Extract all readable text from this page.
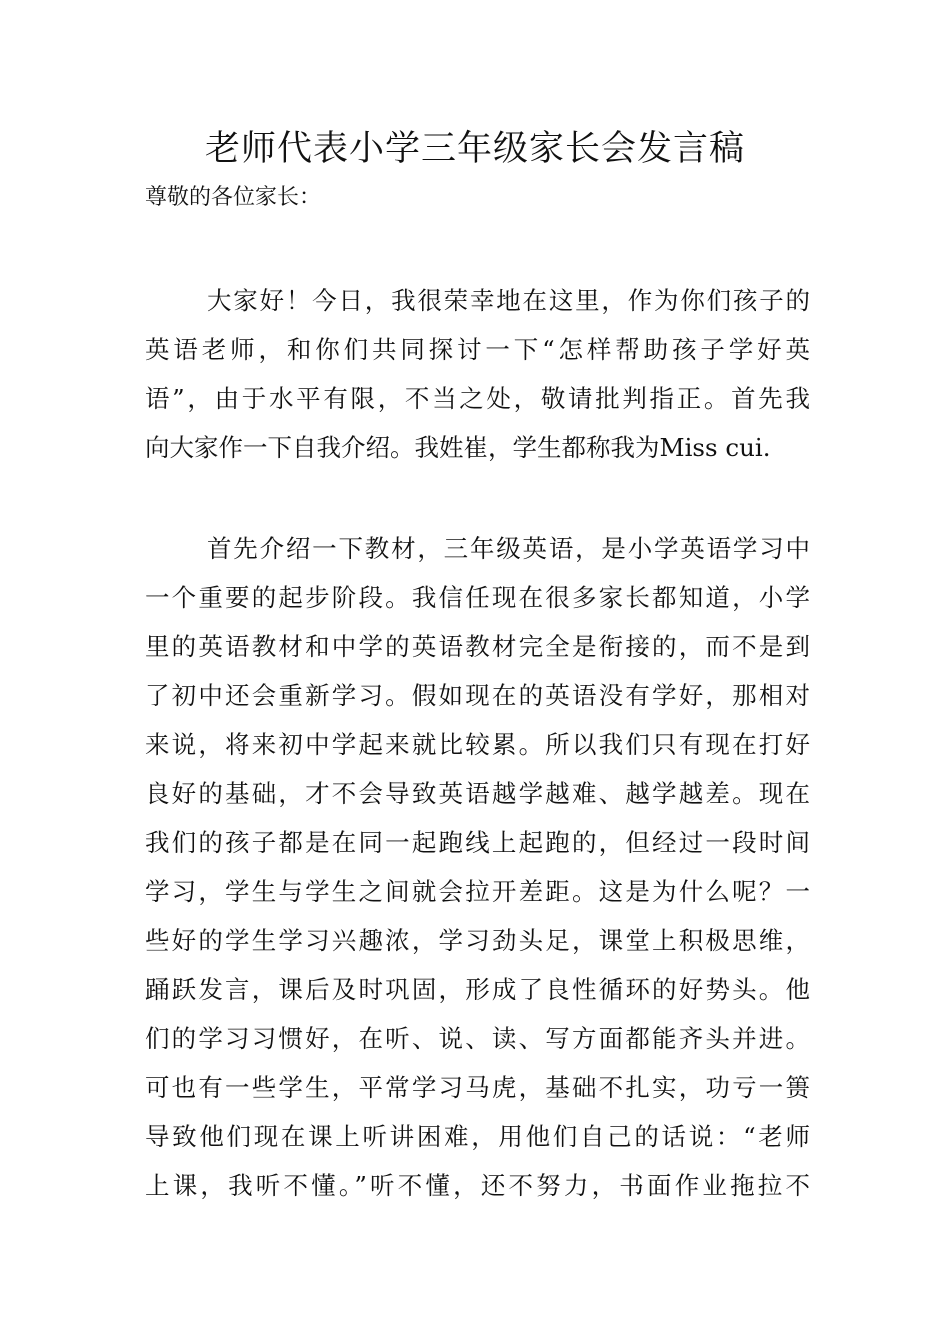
老师代表小学三年级家长会发言稿

尊敬的各位家长：

大家好！今日，我很荣幸地在这里，作为你们孩子的
英语老师，和你们共同探讨一下“怎样帮助孩子学好英
语”，由于水平有限，不当之处，敬请批判指正。首先我
向大家作一下自我介绍。我姓崔，学生都称我为Miss cui.
首先介绍一下教材，三年级英语，是小学英语学习中
一个重要的起步阶段。我信任现在很多家长都知道，小学
里的英语教材和中学的英语教材完全是衔接的，而不是到
了初中还会重新学习。假如现在的英语没有学好，那相对
来说，将来初中学起来就比较累。所以我们只有现在打好
良好的基础，才不会导致英语越学越难、越学越差。现在
我们的孩子都是在同一起跑线上起跑的，但经过一段时间
学习，学生与学生之间就会拉开差距。这是为什么呢？一
些好的学生学习兴趣浓，学习劲头足，课堂上积极思维，
踊跃发言，课后及时巩固，形成了良性循环的好势头。他
们的学习习惯好，在听、说、读、写方面都能齐头并进。
可也有一些学生，平常学习马虎，基础不扎实，功亏一篑
导致他们现在课上听讲困难，用他们自己的话说：“老师
上课，我听不懂。”听不懂，还不努力，书面作业拖拉不
